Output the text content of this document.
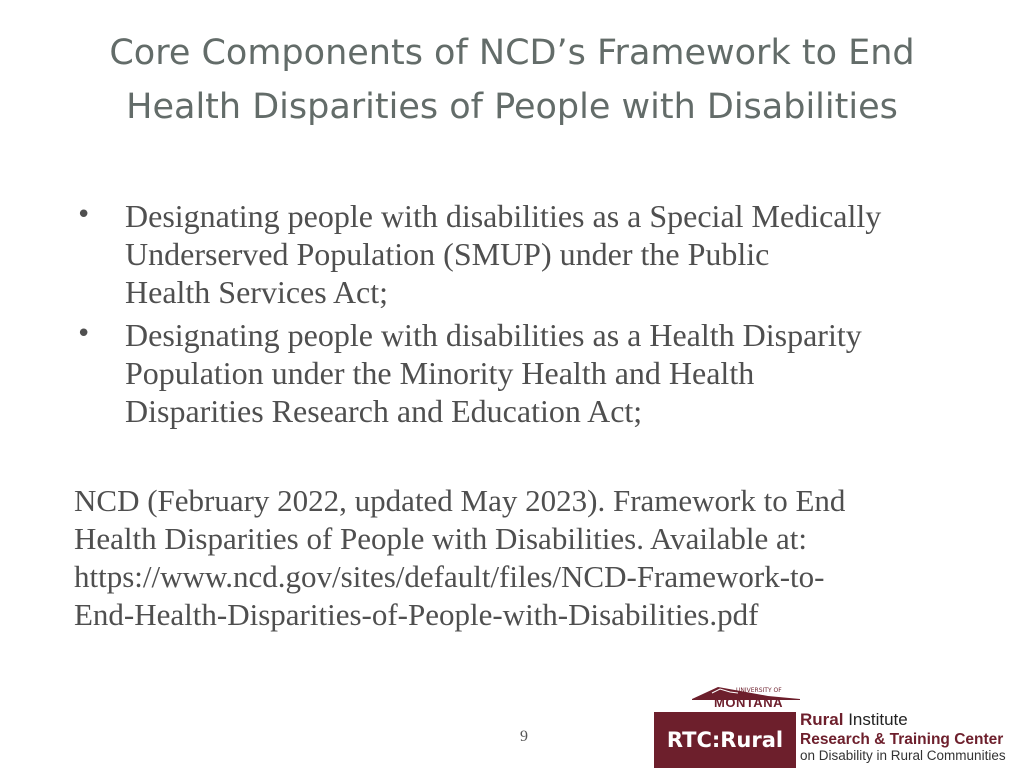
Core Components of NCD’s Framework to End
Health Disparities of People with Disabilities
• Designating people with disabilities as a Special Medically
Underserved Population (SMUP) under the Public
Health Services Act;
• Designating people with disabilities as a Health Disparity
Population under the Minority Health and Health
Disparities Research and Education Act;

NCD (February 2022, updated May 2023). Framework to End
Health Disparities of People with Disabilities. Available at:
https://www.ncd.gov/sites/default/files/NCD-Framework-to-
End-Health-Disparities-of-People-with-Disabilities.pdf

9
UNIVERSITY OF
MONTANA
RTC:Rural
Rural Institute
Research & Training Center
on Disability in Rural Communities
